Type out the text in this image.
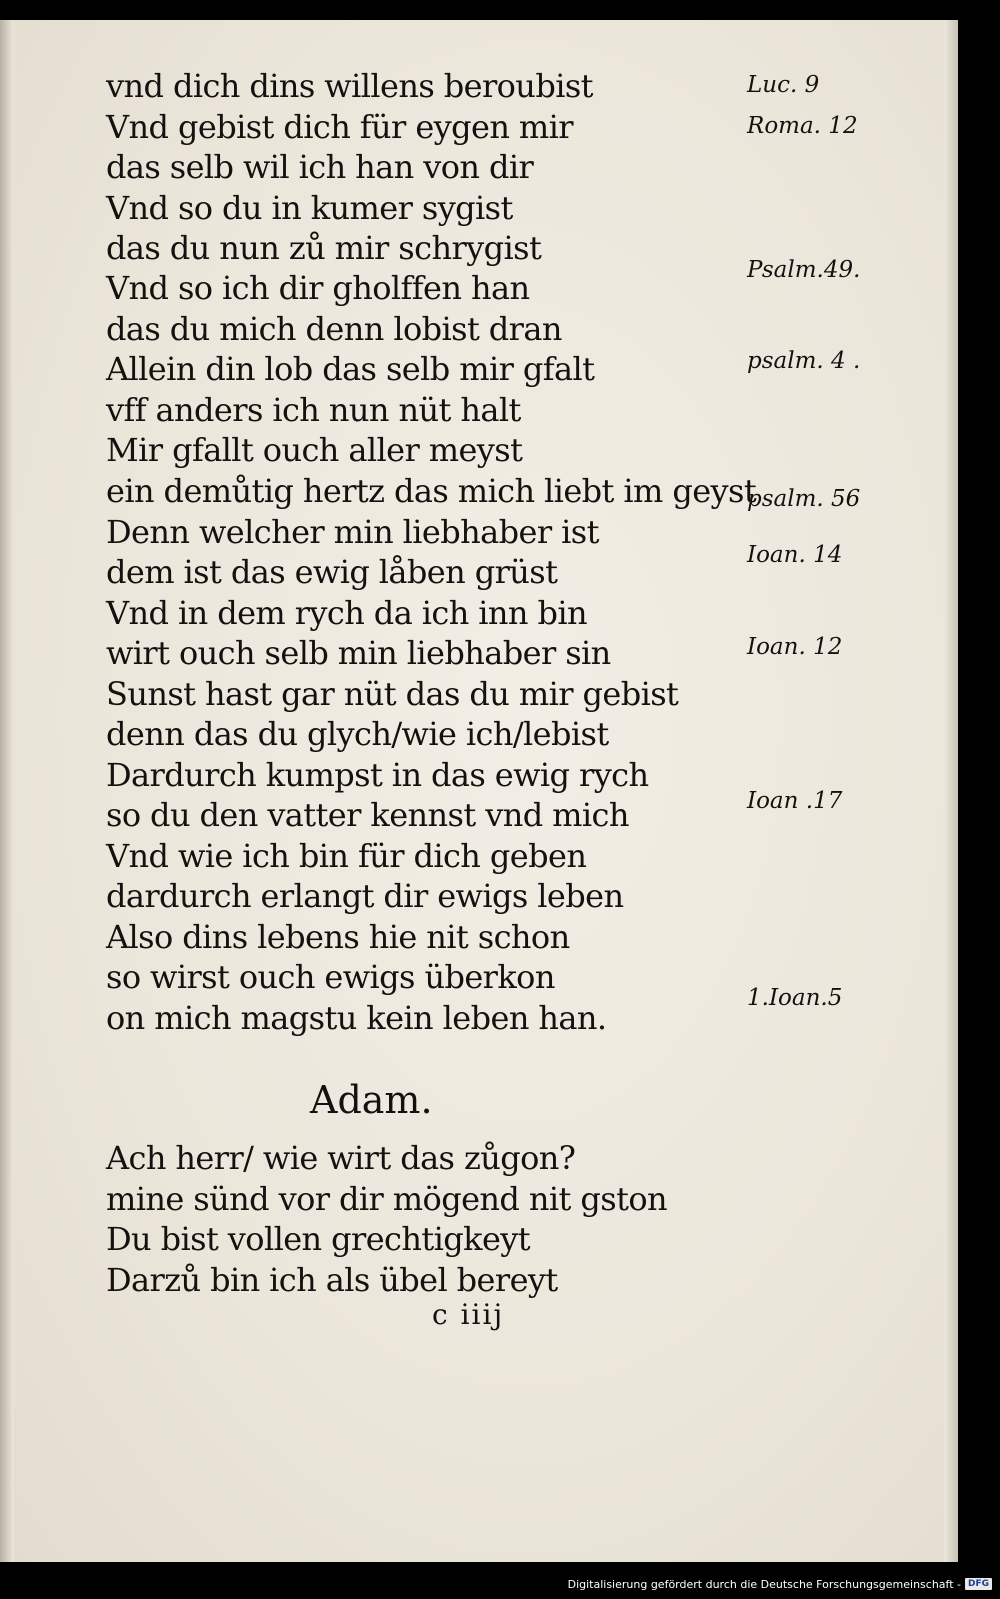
vnd dich dins willens beroubist
Vnd gebist dich für eygen mir
das selb wil ich han von dir
Vnd so du in kumer sygist
das du nun zů mir schrygist
Vnd so ich dir gholffen han
das du mich denn lobist dran
Allein din lob das selb mir gfalt
vff anders ich nun nüt halt
Mir gfallt ouch aller meyst
ein demůtig hertz das mich liebt im geyst
Denn welcher min liebhaber ist
dem ist das ewig låben grüst
Vnd in dem rych da ich inn bin
wirt ouch selb min liebhaber sin
Sunst hast gar nüt das du mir gebist
denn das du glych/wie ich/lebist
Dardurch kumpst in das ewig rych
so du den vatter kennst vnd mich
Vnd wie ich bin für dich geben
dardurch erlangt dir ewigs leben
Also dins lebens hie nit schon
so wirst ouch ewigs überkon
on mich magstu kein leben han.
Luc. 9
Roma. 12
Psalm.49.
psalm. 4 .
psalm. 56
Ioan. 14
Ioan. 12
Ioan .17
1.Ioan.5
Adam.
Ach herr/ wie wirt das zůgon?
mine sünd vor dir mögend nit gston
Du bist vollen grechtigkeyt
Darzů bin ich als übel bereyt
c iiij
Digitalisierung gefördert durch die Deutsche Forschungsgemeinschaft - DFG
